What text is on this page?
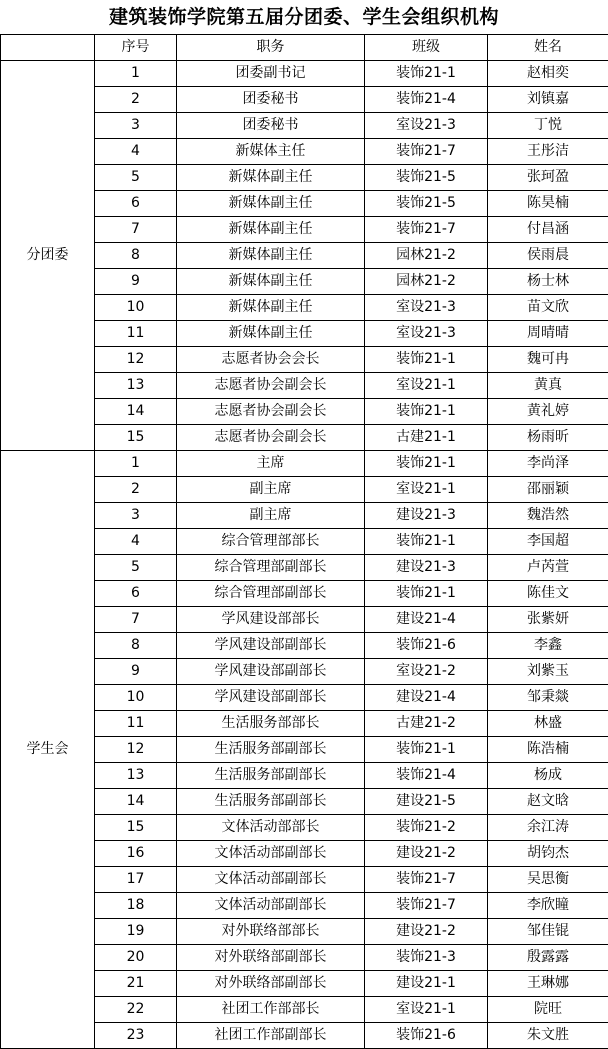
建筑装饰学院第五届分团委、学生会组织机构
	序号	职务	班级	姓名
分团委	1	团委副书记	装饰21-1	赵相奕
	2	团委秘书	装饰21-4	刘镇嘉
	3	团委秘书	室设21-3	丁悦
	4	新媒体主任	装饰21-7	王彤洁
	5	新媒体副主任	装饰21-5	张珂盈
	6	新媒体副主任	装饰21-5	陈昊楠
	7	新媒体副主任	装饰21-7	付昌涵
	8	新媒体副主任	园林21-2	侯雨晨
	9	新媒体副主任	园林21-2	杨士林
	10	新媒体副主任	室设21-3	苗文欣
	11	新媒体副主任	室设21-3	周晴晴
	12	志愿者协会会长	装饰21-1	魏可冉
	13	志愿者协会副会长	室设21-1	黄真
	14	志愿者协会副会长	装饰21-1	黄礼婷
	15	志愿者协会副会长	古建21-1	杨雨昕
学生会	1	主席	装饰21-1	李尚泽
	2	副主席	室设21-1	邵丽颖
	3	副主席	建设21-3	魏浩然
	4	综合管理部部长	装饰21-1	李国超
	5	综合管理部副部长	建设21-3	卢芮萱
	6	综合管理部副部长	装饰21-1	陈佳文
	7	学风建设部部长	建设21-4	张紫妍
	8	学风建设部副部长	装饰21-6	李鑫
	9	学风建设部副部长	室设21-2	刘紫玉
	10	学风建设部副部长	建设21-4	邹秉燚
	11	生活服务部部长	古建21-2	林盛
	12	生活服务部副部长	装饰21-1	陈浩楠
	13	生活服务部副部长	装饰21-4	杨成
	14	生活服务部副部长	建设21-5	赵文晗
	15	文体活动部部长	装饰21-2	余江涛
	16	文体活动部副部长	建设21-2	胡钧杰
	17	文体活动部副部长	装饰21-7	吴思衡
	18	文体活动部副部长	装饰21-7	李欣瞳
	19	对外联络部部长	建设21-2	邹佳锟
	20	对外联络部副部长	装饰21-3	殷露露
	21	对外联络部副部长	建设21-1	王琳娜
	22	社团工作部部长	室设21-1	院旺
	23	社团工作部副部长	装饰21-6	朱文胜
